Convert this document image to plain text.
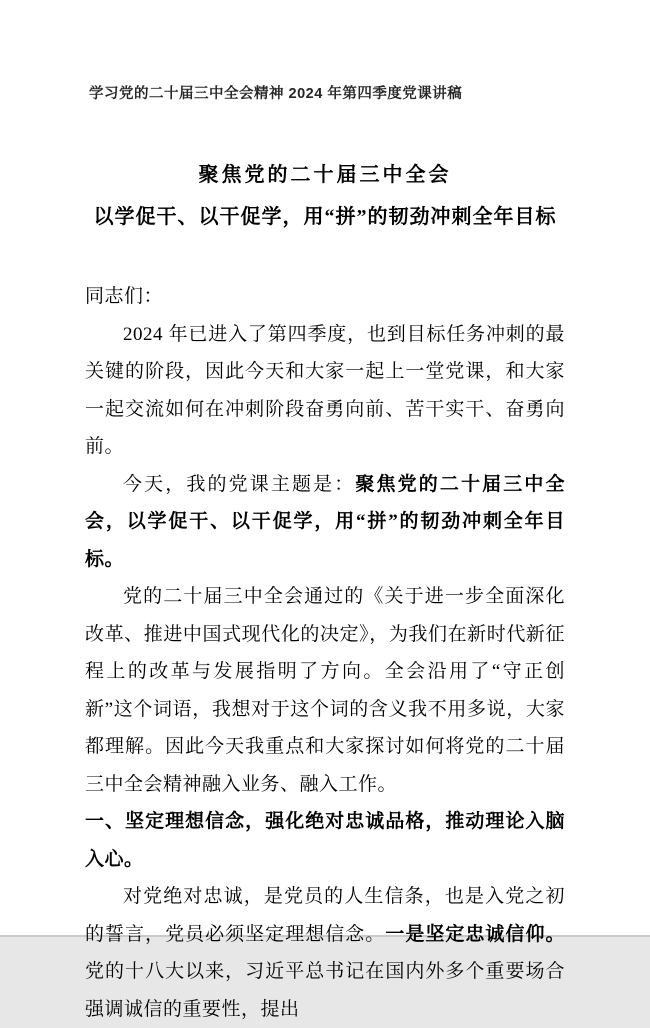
学习党的二十届三中全会精神 2024 年第四季度党课讲稿
聚焦党的二十届三中全会
以学促干、以干促学，用“拼”的韧劲冲刺全年目标

同志们：

2024 年已进入了第四季度，也到目标任务冲刺的最关键的阶段，因此今天和大家一起上一堂党课，和大家一起交流如何在冲刺阶段奋勇向前、苦干实干、奋勇向前。

今天，我的党课主题是：聚焦党的二十届三中全会，以学促干、以干促学，用“拼”的韧劲冲刺全年目标。

党的二十届三中全会通过的《关于进一步全面深化改革、推进中国式现代化的决定》，为我们在新时代新征程上的改革与发展指明了方向。全会沿用了“守正创新”这个词语，我想对于这个词的含义我不用多说，大家都理解。因此今天我重点和大家探讨如何将党的二十届三中全会精神融入业务、融入工作。

一、坚定理想信念，强化绝对忠诚品格，推动理论入脑入心。

对党绝对忠诚，是党员的人生信条，也是入党之初的誓言，党员必须坚定理想信念。一是坚定忠诚信仰。党的十八大以来，习近平总书记在国内外多个重要场合强调诚信的重要性，提出
